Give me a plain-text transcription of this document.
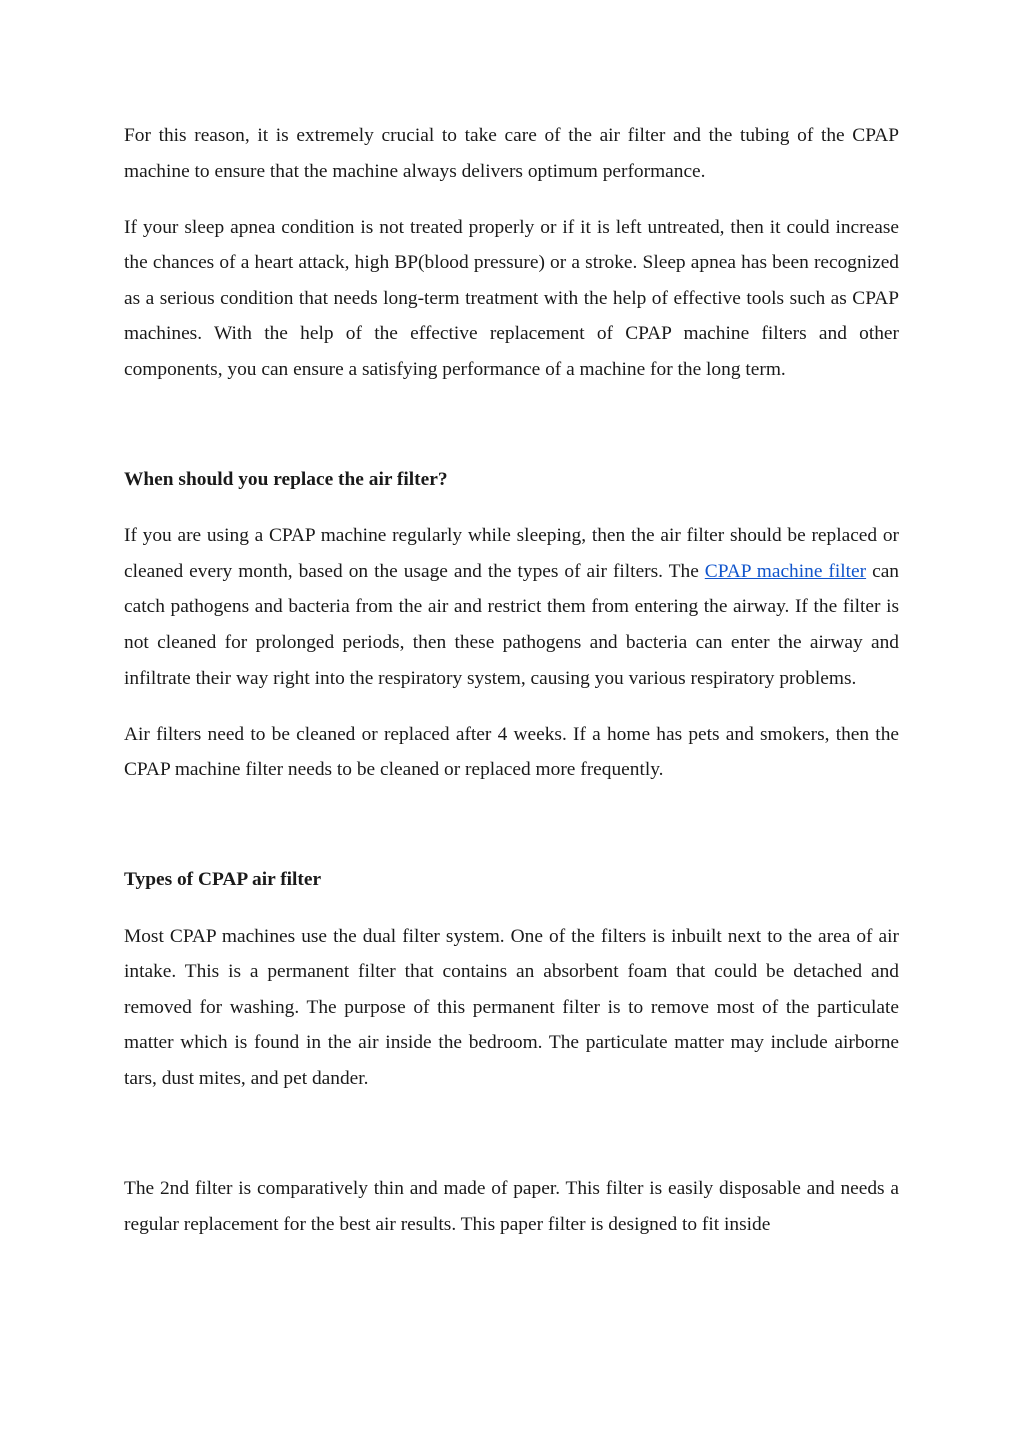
For this reason, it is extremely crucial to take care of the air filter and the tubing of the CPAP machine to ensure that the machine always delivers optimum performance.

If your sleep apnea condition is not treated properly or if it is left untreated, then it could increase the chances of a heart attack, high BP(blood pressure) or a stroke. Sleep apnea has been recognized as a serious condition that needs long-term treatment with the help of effective tools such as CPAP machines. With the help of the effective replacement of CPAP machine filters and other components, you can ensure a satisfying performance of a machine for the long term.

When should you replace the air filter?

If you are using a CPAP machine regularly while sleeping, then the air filter should be replaced or cleaned every month, based on the usage and the types of air filters. The CPAP machine filter can catch pathogens and bacteria from the air and restrict them from entering the airway. If the filter is not cleaned for prolonged periods, then these pathogens and bacteria can enter the airway and infiltrate their way right into the respiratory system, causing you various respiratory problems.

Air filters need to be cleaned or replaced after 4 weeks. If a home has pets and smokers, then the CPAP machine filter needs to be cleaned or replaced more frequently.

Types of CPAP air filter

Most CPAP machines use the dual filter system. One of the filters is inbuilt next to the area of air intake. This is a permanent filter that contains an absorbent foam that could be detached and removed for washing. The purpose of this permanent filter is to remove most of the particulate matter which is found in the air inside the bedroom. The particulate matter may include airborne tars, dust mites, and pet dander.

The 2nd filter is comparatively thin and made of paper. This filter is easily disposable and needs a regular replacement for the best air results. This paper filter is designed to fit inside
